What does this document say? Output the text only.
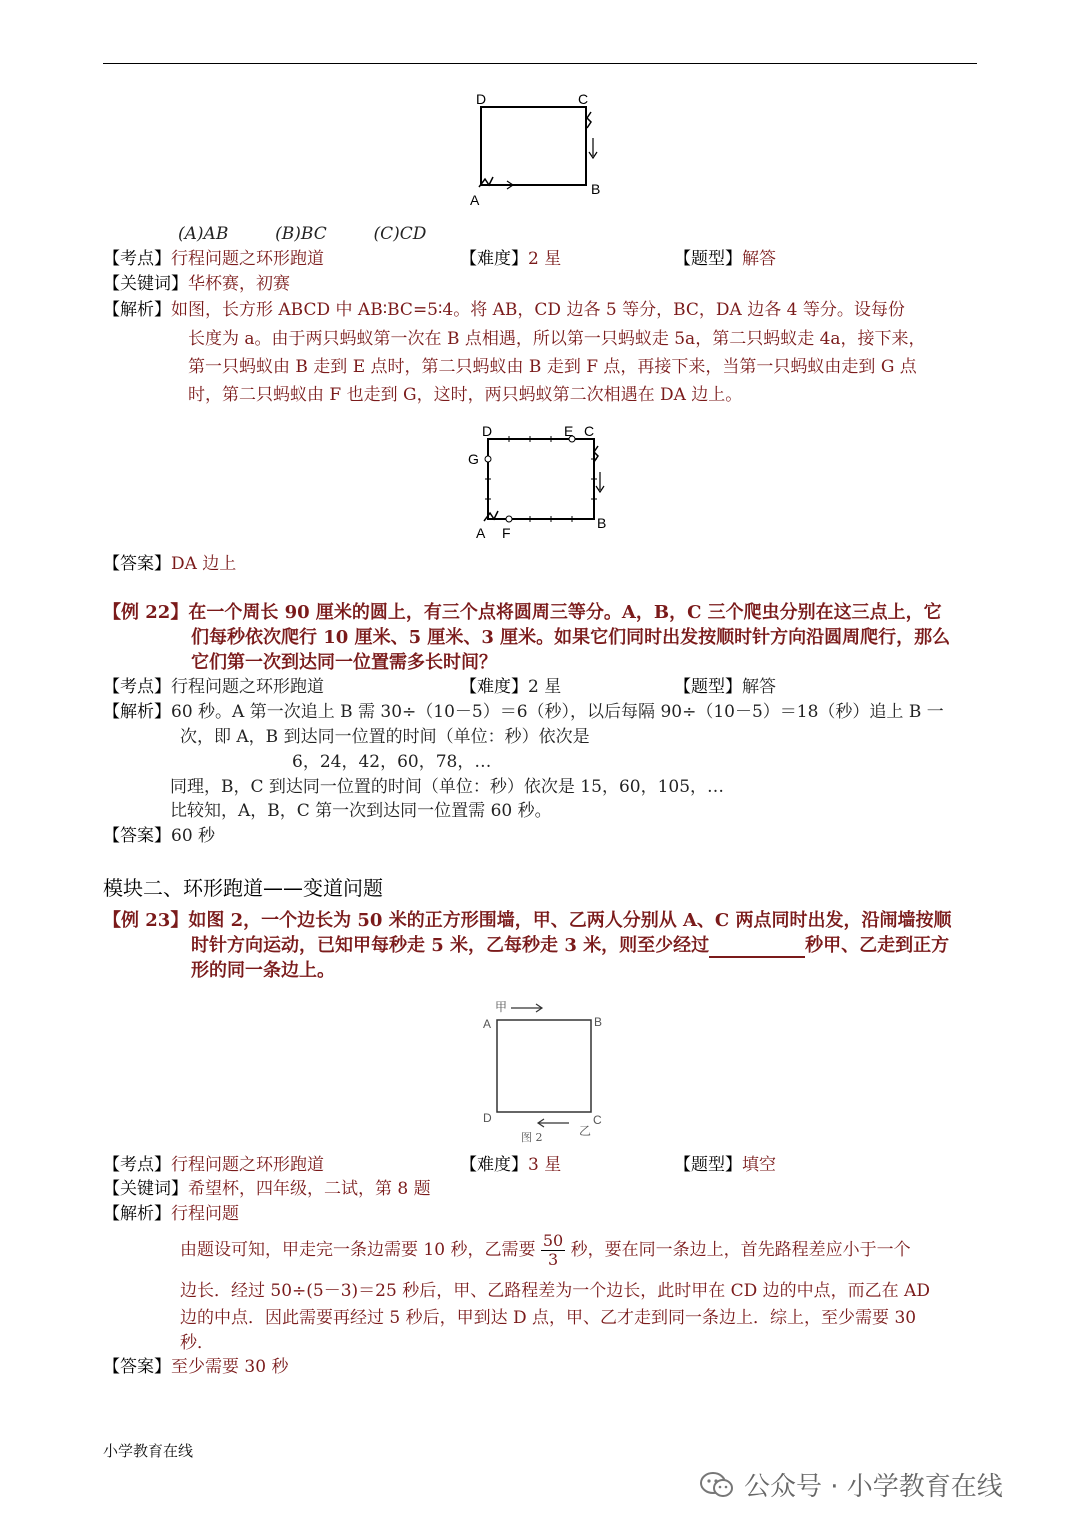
D	C
A
B
(A)AB	(B)BC	(C)CD
【考点】行程问题之环形跑道	【难度】2 星	【题型】解答
【关键词】华杯赛，初赛
【解析】如图，长方形 ABCD 中 AB∶BC=5∶4。将 AB，CD 边各 5 等分，BC，DA 边各 4 等分。设每份
长度为 a。由于两只蚂蚁第一次在 B 点相遇，所以第一只蚂蚁走 5a，第二只蚂蚁走 4a，接下来，
第一只蚂蚁由 B 走到 E 点时，第二只蚂蚁由 B 走到 F 点，再接下来，当第一只蚂蚁由走到 G 点
时，第二只蚂蚁由 F 也走到 G，这时，两只蚂蚁第二次相遇在 DA 边上。
D	E C
G
A F
B
【答案】DA 边上
【例 22】在一个周长 90 厘米的圆上，有三个点将圆周三等分。A，B，C 三个爬虫分别在这三点上，它
们每秒依次爬行 10 厘米、5 厘米、3 厘米。如果它们同时出发按顺时针方向沿圆周爬行，那么
它们第一次到达同一位置需多长时间？
【考点】行程问题之环形跑道	【难度】2 星	【题型】解答
【解析】60 秒。A 第一次追上 B 需 30÷（10－5）＝6（秒），以后每隔 90÷（10－5）＝18（秒）追上 B 一
次，即 A，B 到达同一位置的时间（单位：秒）依次是
6，24，42，60，78，…
同理，B，C 到达同一位置的时间（单位：秒）依次是 15，60，105，…
比较知，A，B，C 第一次到达同一位置需 60 秒。
【答案】60 秒
模块二、环形跑道——变道问题
【例 23】如图 2，一个边长为 50 米的正方形围墙，甲、乙两人分别从 A、C 两点同时出发，沿闹墙按顺
时针方向运动，已知甲每秒走 5 米，乙每秒走 3 米，则至少经过	秒甲、乙走到正方
形的同一条边上。
甲
乙
A	B
C
D
图 2
【考点】行程问题之环形跑道	【难度】3 星	【题型】填空
【关键词】希望杯，四年级，二试，第 8 题
【解析】行程问题
由题设可知，甲走完一条边需要 10 秒，乙需要 $\frac{50}{3}$ 秒，要在同一条边上，首先路程差应小于一个
边长．经过 50÷(5－3)＝25 秒后，甲、乙路程差为一个边长，此时甲在 CD 边的中点，而乙在 AD
边的中点．因此需要再经过 5 秒后，甲到达 D 点，甲、乙才走到同一条边上．综上，至少需要 30
秒．
【答案】至少需要 30 秒
小学教育在线
公众号 · 小学教育在线
